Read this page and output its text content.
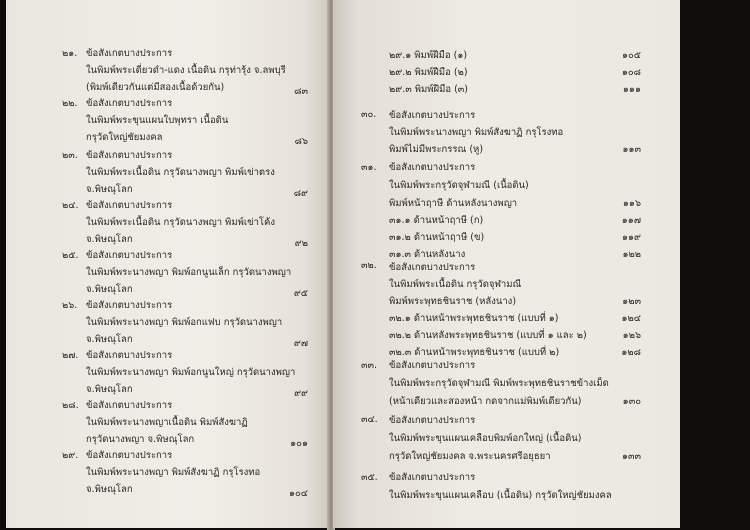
๒๑. ข้อสังเกตบางประการ
ในพิมพ์พระเดี่ยวดำ-แดง เนื้อดิน กรุท่ารุ้ง จ.ลพบุรี
(พิมพ์เดียวกันแต่มีสองเนื้อด้วยกัน)	๘๓
๒๒. ข้อสังเกตบางประการ
ในพิมพ์พระขุนแผนใบพุทรา เนื้อดิน
กรุวัดใหญ่ชัยมงคล	๘๖
๒๓. ข้อสังเกตบางประการ
ในพิมพ์พระเนื้อดิน กรุวัดนางพญา พิมพ์เข่าตรง
จ.พิษณุโลก	๘๙
๒๔. ข้อสังเกตบางประการ
ในพิมพ์พระเนื้อดิน กรุวัดนางพญา พิมพ์เข่าโค้ง
จ.พิษณุโลก	๙๒
๒๕. ข้อสังเกตบางประการ
ในพิมพ์พระนางพญา พิมพ์อกนูนเล็ก กรุวัดนางพญา
จ.พิษณุโลก	๙๕
๒๖. ข้อสังเกตบางประการ
ในพิมพ์พระนางพญา พิมพ์อกแฟบ กรุวัดนางพญา
จ.พิษณุโลก	๙๗
๒๗. ข้อสังเกตบางประการ
ในพิมพ์พระนางพญา พิมพ์อกนูนใหญ่ กรุวัดนางพญา
จ.พิษณุโลก	๙๙
๒๘. ข้อสังเกตบางประการ
ในพิมพ์พระนางพญาเนื้อดิน พิมพ์สังฆาฏิ
กรุวัดนางพญา จ.พิษณุโลก	๑๐๑
๒๙. ข้อสังเกตบางประการ
ในพิมพ์พระนางพญา พิมพ์สังฆาฏิ กรุโรงทอ
จ.พิษณุโลก	๑๐๔
๒๙.๑ พิมพ์ฝีมือ (๑)	๑๐๕
๒๙.๒ พิมพ์ฝีมือ (๒)	๑๐๘
๒๙.๓ พิมพ์ฝีมือ (๓)	๑๑๑
๓๐. ข้อสังเกตบางประการ
ในพิมพ์พระนางพญา พิมพ์สังฆาฏิ กรุโรงทอ
พิมพ์ไม่มีพระกรรณ (หู)	๑๑๓
๓๑. ข้อสังเกตบางประการ
ในพิมพ์พระกรุวัดจุฬามณี (เนื้อดิน)
พิมพ์หน้าฤาษี ด้านหลังนางพญา	๑๑๖
๓๑.๑ ด้านหน้าฤาษี (ก)	๑๑๗
๓๑.๒ ด้านหน้าฤาษี (ข)	๑๑๙
๓๑.๓ ด้านหลังนาง	๑๒๒
๓๒. ข้อสังเกตบางประการ
ในพิมพ์พระเนื้อดิน กรุวัดจุฬามณี
พิมพ์พระพุทธชินราช (หลังนาง)	๑๒๓
๓๒.๑ ด้านหน้าพระพุทธชินราช (แบบที่ ๑)	๑๒๔
๓๒.๒ ด้านหลังพระพุทธชินราช (แบบที่ ๑ และ ๒)	๑๒๖
๓๒.๓ ด้านหน้าพระพุทธชินราช (แบบที่ ๒)	๑๒๘
๓๓. ข้อสังเกตบางประการ
ในพิมพ์พระกรุวัดจุฬามณี พิมพ์พระพุทธชินราชข้างเม็ด
(หน้าเดียวและสองหน้า กดจากแม่พิมพ์เดียวกัน)	๑๓๐
๓๔. ข้อสังเกตบางประการ
ในพิมพ์พระขุนแผนเคลือบพิมพ์อกใหญ่ (เนื้อดิน)
กรุวัดใหญ่ชัยมงคล จ.พระนครศรีอยุธยา	๑๓๓
๓๕. ข้อสังเกตบางประการ
ในพิมพ์พระขุนแผนเคลือบ (เนื้อดิน) กรุวัดใหญ่ชัยมงคล
